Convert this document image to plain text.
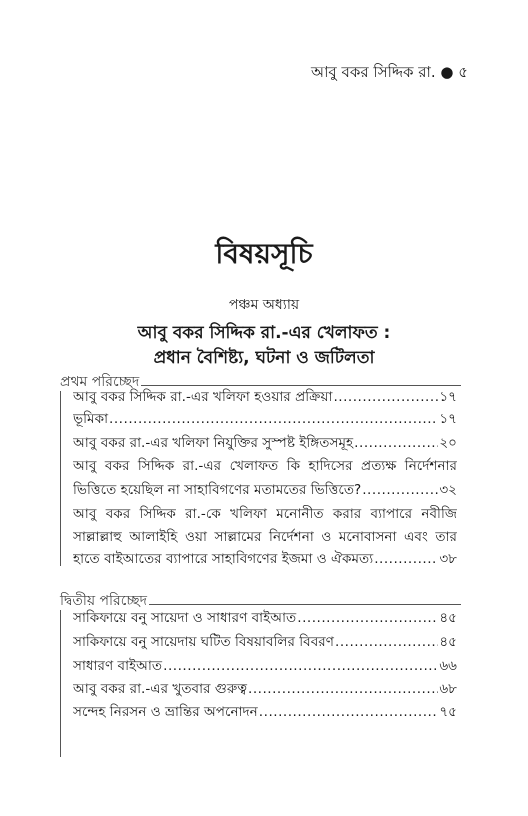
আবু বকর সিদ্দিক রা. ● ৫
বিষয়সূচি
পঞ্চম অধ্যায়
আবু বকর সিদ্দিক রা.-এর খেলাফত :
প্রধান বৈশিষ্ট্য, ঘটনা ও জটিলতা
প্রথম পরিচ্ছেদ
আবু বকর সিদ্দিক রা.-এর খলিফা হওয়ার প্রক্রিয়া .....	১৭
ভূমিকা .....	১৭
আবু বকর রা.-এর খলিফা নিযুক্তির সুস্পষ্ট ইঙ্গিতসমূহ .....	২০
আবু বকর সিদ্দিক রা.-এর খেলাফত কি হাদিসের প্রত্যক্ষ নির্দেশনার
ভিত্তিতে হয়েছিল না সাহাবিগণের মতামতের ভিত্তিতে? .....	৩২
আবু বকর সিদ্দিক রা.-কে খলিফা মনোনীত করার ব্যাপারে নবীজি
সাল্লাল্লাহু আলাইহি ওয়া সাল্লামের নির্দেশনা ও মনোবাসনা এবং তার
হাতে বাইআতের ব্যাপারে সাহাবিগণের ইজমা ও ঐকমত্য .....	৩৮
দ্বিতীয় পরিচ্ছেদ
সাকিফায়ে বনু সায়েদা ও সাধারণ বাইআত .....	৪৫
সাকিফায়ে বনু সায়েদায় ঘটিত বিষয়াবলির বিবরণ .....	৪৫
সাধারণ বাইআত .....	৬৬
আবু বকর রা.-এর খুতবার গুরুত্ব .....	৬৮
সন্দেহ নিরসন ও ভ্রান্তির অপনোদন .....	৭৫
